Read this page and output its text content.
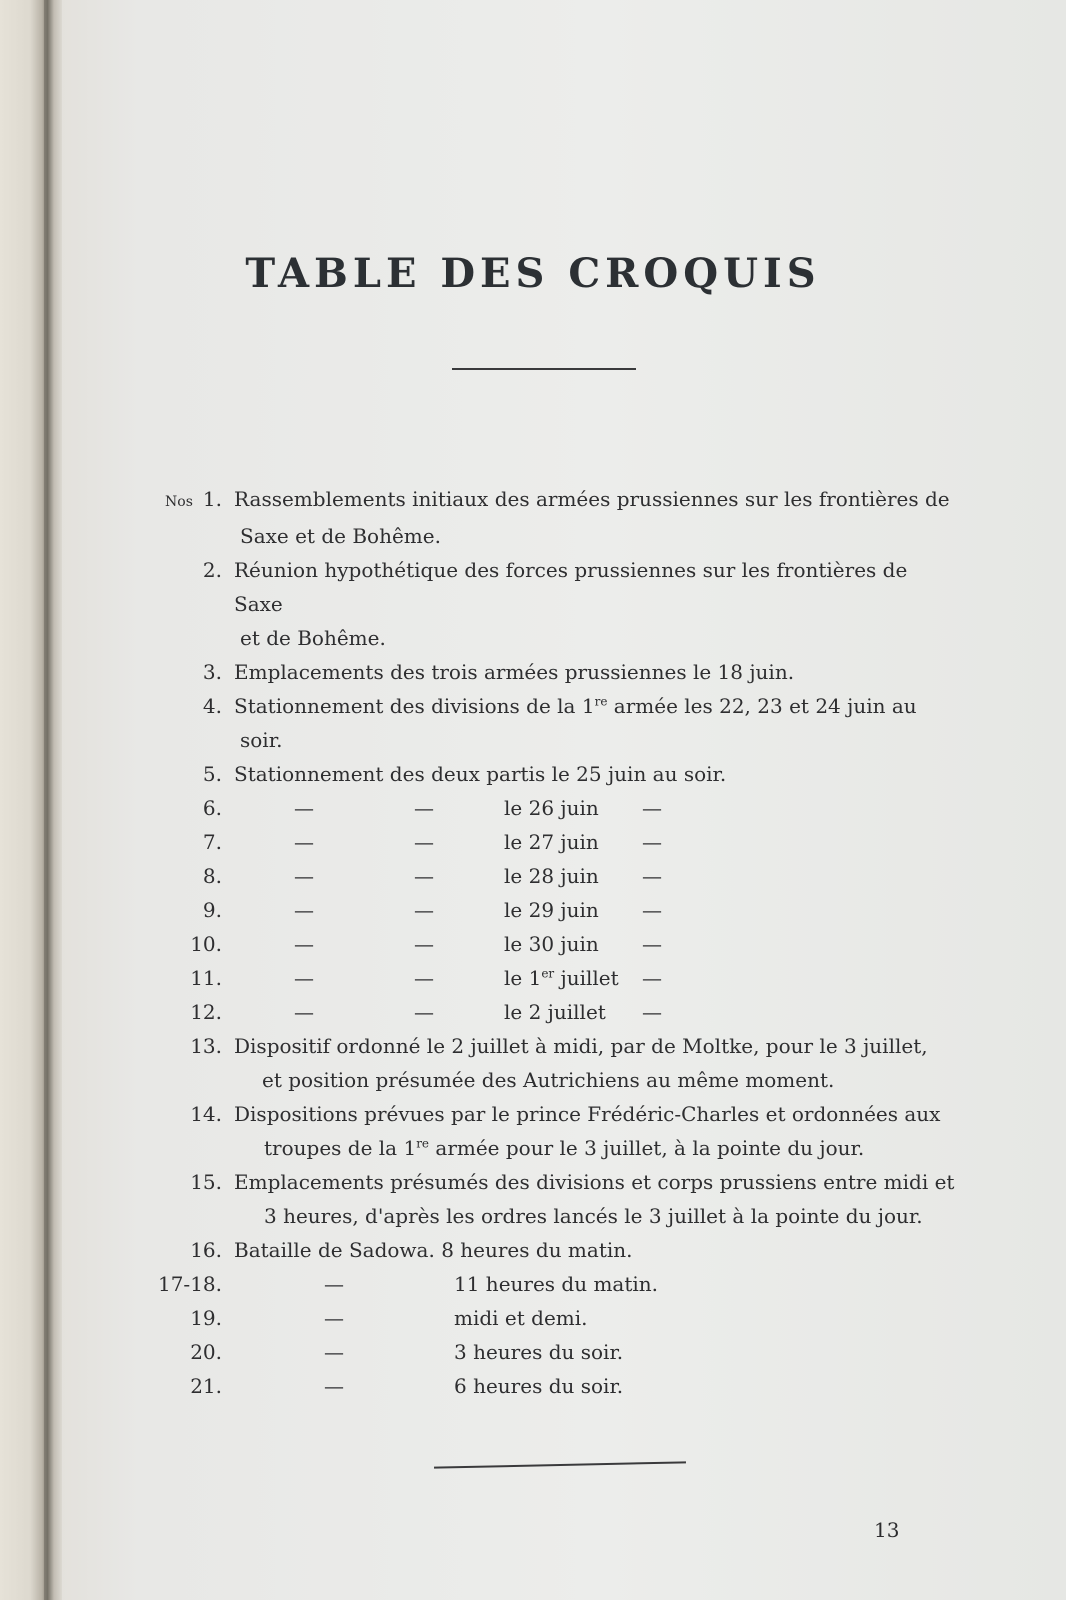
TABLE DES CROQUIS
Nos 1. Rassemblements initiaux des armées prussiennes sur les frontières de
Saxe et de Bohême.
2. Réunion hypothétique des forces prussiennes sur les frontières de Saxe
et de Bohême.
3. Emplacements des trois armées prussiennes le 18 juin.
4. Stationnement des divisions de la 1re armée les 22, 23 et 24 juin au
soir.
5. Stationnement des deux partis le 25 juin au soir.
6.	—	—	le 26 juin —
7.	—	—	le 27 juin —
8.	—	—	le 28 juin —
9.	—	—	le 29 juin —
10.	—	—	le 30 juin —
11.	—	—	le 1er juillet —
12.	—	—	le 2 juillet —
13. Dispositif ordonné le 2 juillet à midi, par de Moltke, pour le 3 juillet,
et position présumée des Autrichiens au même moment.
14. Dispositions prévues par le prince Frédéric-Charles et ordonnées aux
troupes de la 1re armée pour le 3 juillet, à la pointe du jour.
15. Emplacements présumés des divisions et corps prussiens entre midi et
3 heures, d'après les ordres lancés le 3 juillet à la pointe du jour.
16. Bataille de Sadowa. 8 heures du matin.
17-18.	—	11 heures du matin.
19.	—	midi et demi.
20.	—	3 heures du soir.
21.	—	6 heures du soir.
13
